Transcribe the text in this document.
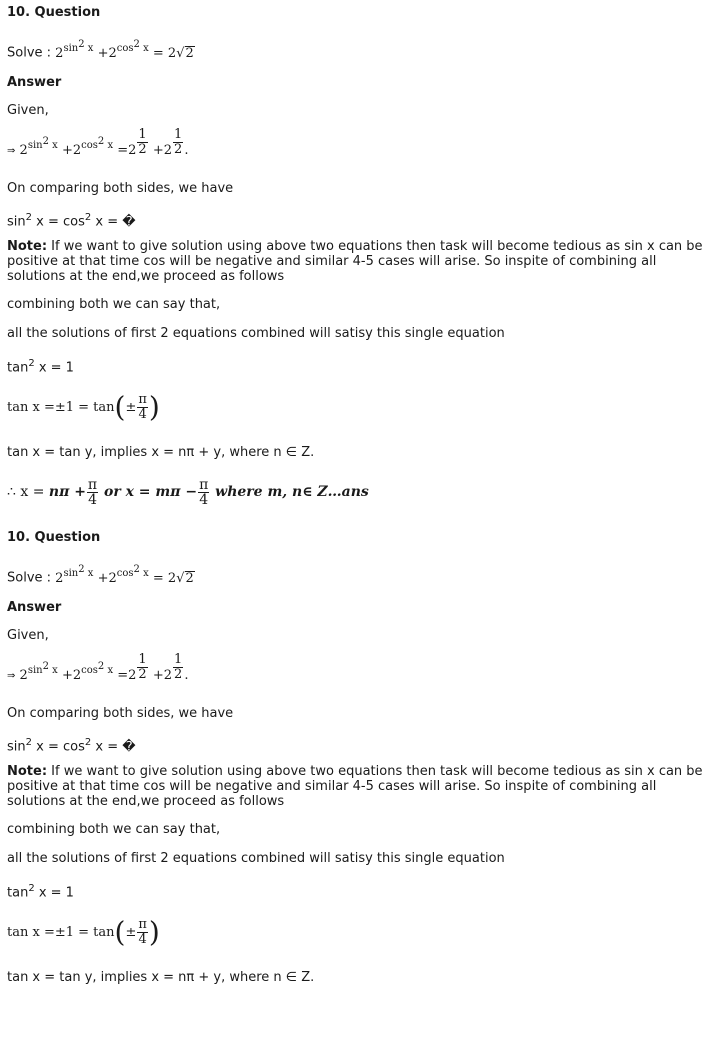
10. Question
Solve : $2^{sin^2 x} +2^{cos^2 x} = 2√2$
Answer
Given,
⇒ $2^{sin^2 x} +2^{cos^2 x} =2 \frac{1}{2} +2 \frac{1}{2}$ .
On comparing both sides, we have
$\sin^2 x = \cos^2 x$ = �
Note: If we want to give solution using above two equations then task will become tedious as sin x can be positive at that time cos will be negative and similar 4-5 cases will arise. So inspite of combining all solutions at the end,we proceed as follows
combining both we can say that,
all the solutions of first 2 equations combined will satisy this single equation
$\tan^2 x = 1$
$\tan x =\pm 1 = \tan(\pm \frac{\pi}{4}$ )
tan x = tan y, implies x = nπ + y, where n ∈ Z.
∴ $x = n\pi + \frac{\pi}{4}$ or $x = m\pi - \frac{\pi}{4}$ where m, n∈ Z…ans
10. Question
Solve : $2^{sin^2 x} +2^{cos^2 x} = 2√2$
Answer
Given,
⇒ $2^{sin^2 x} +2^{cos^2 x} =2 \frac{1}{2} +2 \frac{1}{2}$ .
On comparing both sides, we have
$\sin^2 x = \cos^2 x$ = �
Note: If we want to give solution using above two equations then task will become tedious as sin x can be positive at that time cos will be negative and similar 4-5 cases will arise. So inspite of combining all solutions at the end,we proceed as follows
combining both we can say that,
all the solutions of first 2 equations combined will satisy this single equation
$\tan^2 x = 1$
$\tan x =\pm 1 = \tan(\pm \frac{\pi}{4}$ )
tan x = tan y, implies x = nπ + y, where n ∈ Z.
